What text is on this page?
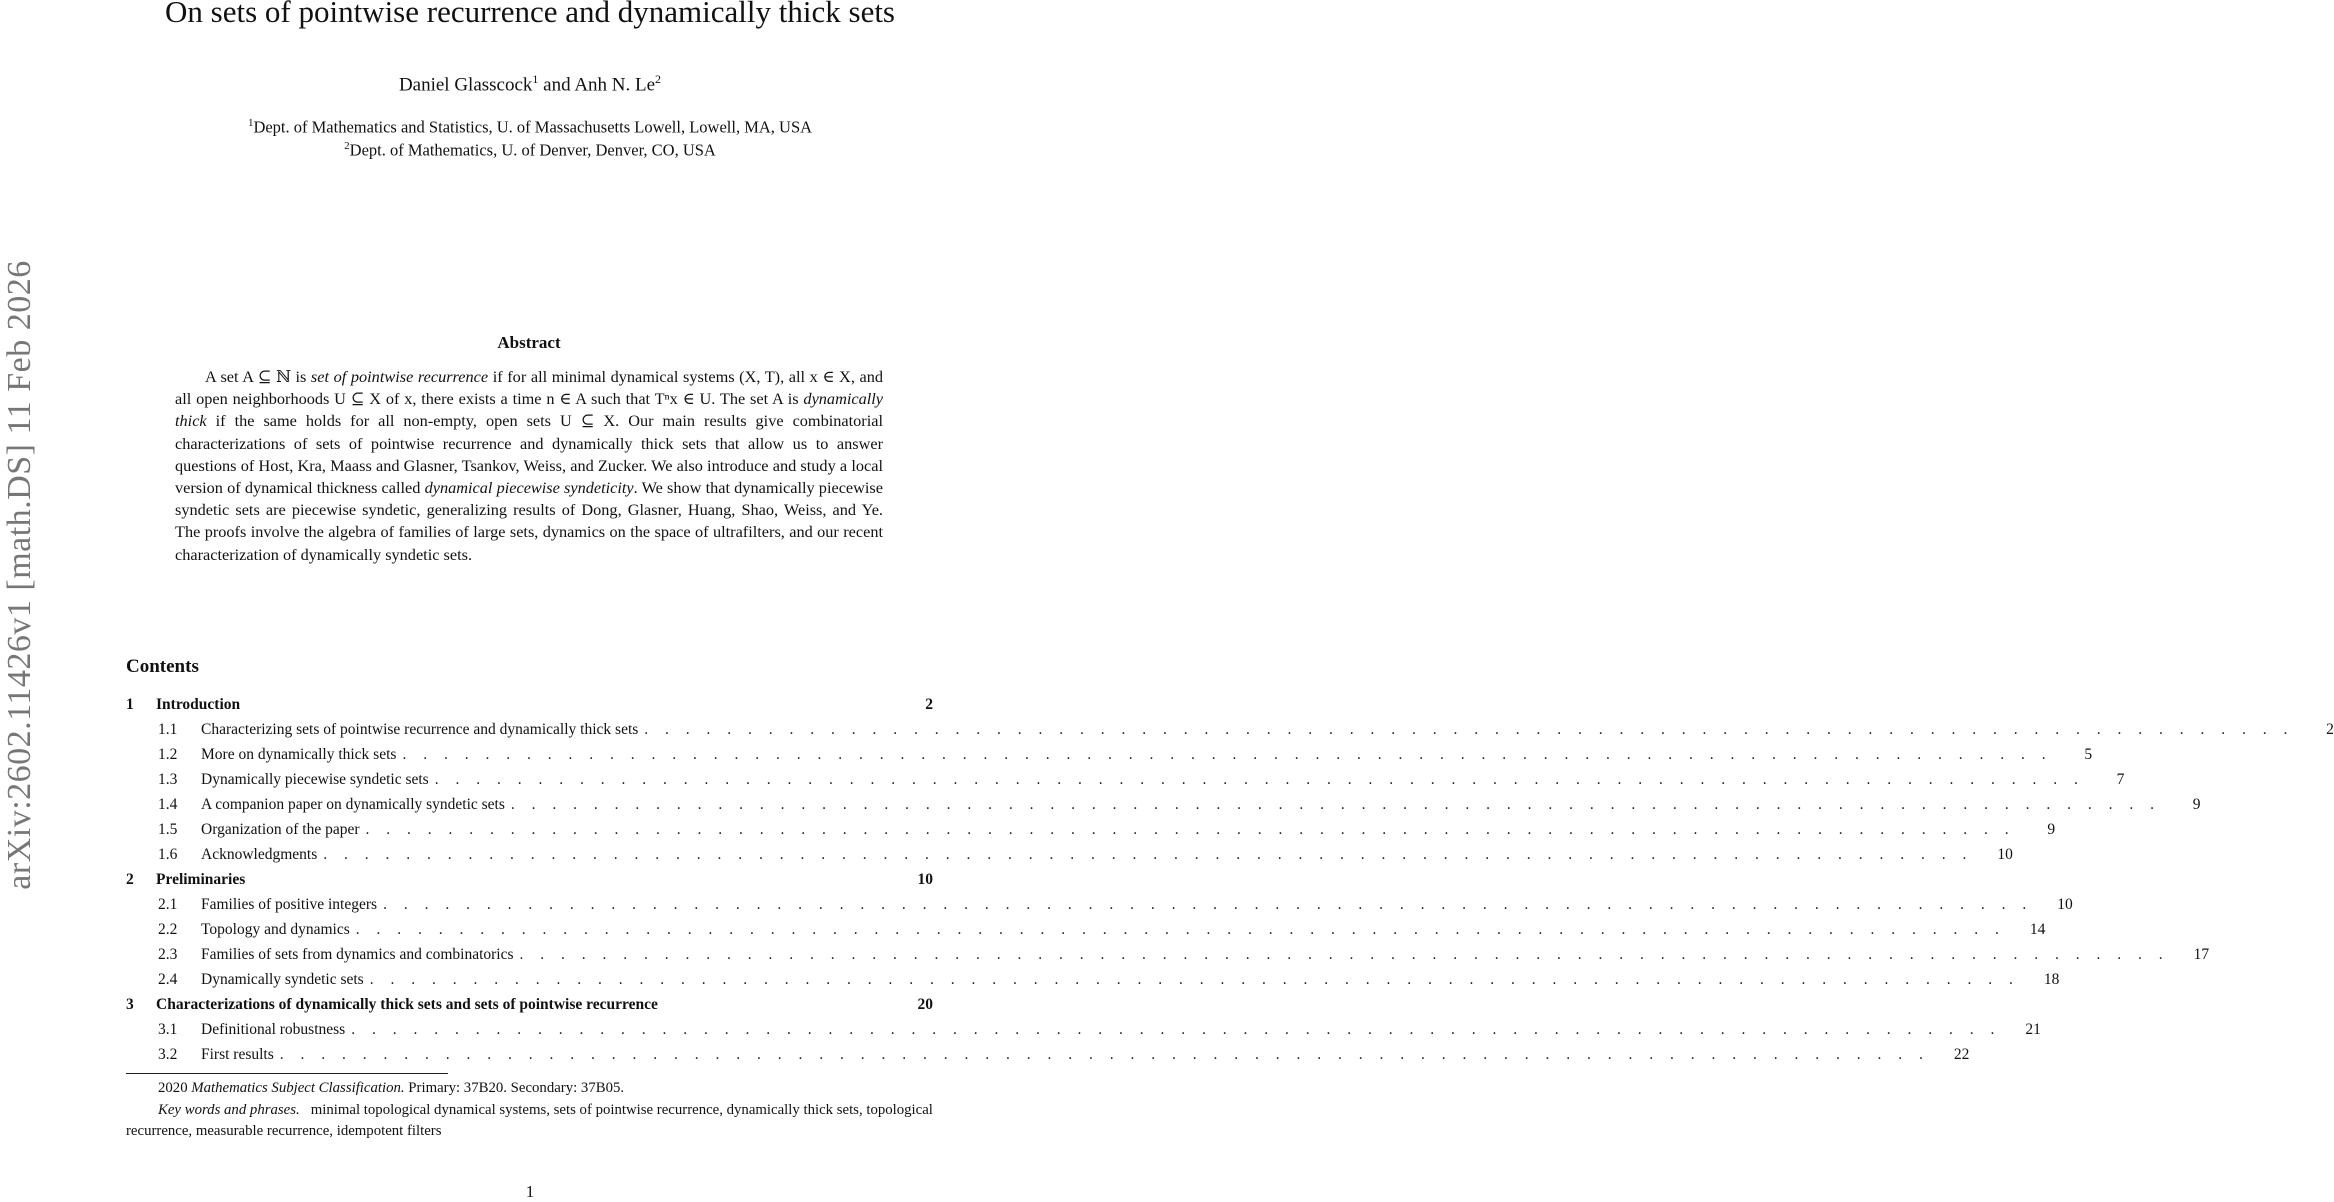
arXiv:2602.11426v1 [math.DS] 11 Feb 2026
On sets of pointwise recurrence and dynamically thick sets
Daniel Glasscock$^1$ and Anh N. Le$^2$
$^1$Dept. of Mathematics and Statistics, U. of Massachusetts Lowell, Lowell, MA, USA
$^2$Dept. of Mathematics, U. of Denver, Denver, CO, USA
Abstract
A set A ⊆ ℕ is set of pointwise recurrence if for all minimal dynamical systems (X, T), all x ∈ X, and all open neighborhoods U ⊆ X of x, there exists a time n ∈ A such that Tⁿx ∈ U. The set A is dynamically thick if the same holds for all non-empty, open sets U ⊆ X. Our main results give combinatorial characterizations of sets of pointwise recurrence and dynamically thick sets that allow us to answer questions of Host, Kra, Maass and Glasner, Tsankov, Weiss, and Zucker. We also introduce and study a local version of dynamical thickness called dynamical piecewise syndeticity. We show that dynamically piecewise syndetic sets are piecewise syndetic, generalizing results of Dong, Glasner, Huang, Shao, Weiss, and Ye. The proofs involve the algebra of families of large sets, dynamics on the space of ultrafilters, and our recent characterization of dynamically syndetic sets.
Contents
1	Introduction	2
1.1	Characterizing sets of pointwise recurrence and dynamically thick sets . . . . . . . . . . . . . . . . . . . . . . . . . . . . . . . . . . . . . . . . . . . . . . . . . . . . . . . . . . . . . . . . . . . . . . . . . . . . . . . .	2
1.2	More on dynamically thick sets . . . . . . . . . . . . . . . . . . . . . . . . . . . . . . . . . . . . . . . . . . . . . . . . . . . . . . . . . . . . . . . . . . . . . . . . . . . . . . . .	5
1.3	Dynamically piecewise syndetic sets . . . . . . . . . . . . . . . . . . . . . . . . . . . . . . . . . . . . . . . . . . . . . . . . . . . . . . . . . . . . . . . . . . . . . . . . . . . . . . . .	7
1.4	A companion paper on dynamically syndetic sets . . . . . . . . . . . . . . . . . . . . . . . . . . . . . . . . . . . . . . . . . . . . . . . . . . . . . . . . . . . . . . . . . . . . . . . . . . . . . . . .	9
1.5	Organization of the paper . . . . . . . . . . . . . . . . . . . . . . . . . . . . . . . . . . . . . . . . . . . . . . . . . . . . . . . . . . . . . . . . . . . . . . . . . . . . . . . .	9
1.6	Acknowledgments . . . . . . . . . . . . . . . . . . . . . . . . . . . . . . . . . . . . . . . . . . . . . . . . . . . . . . . . . . . . . . . . . . . . . . . . . . . . . . . .	10
2	Preliminaries	10
2.1	Families of positive integers . . . . . . . . . . . . . . . . . . . . . . . . . . . . . . . . . . . . . . . . . . . . . . . . . . . . . . . . . . . . . . . . . . . . . . . . . . . . . . . .	10
2.2	Topology and dynamics . . . . . . . . . . . . . . . . . . . . . . . . . . . . . . . . . . . . . . . . . . . . . . . . . . . . . . . . . . . . . . . . . . . . . . . . . . . . . . . .	14
2.3	Families of sets from dynamics and combinatorics . . . . . . . . . . . . . . . . . . . . . . . . . . . . . . . . . . . . . . . . . . . . . . . . . . . . . . . . . . . . . . . . . . . . . . . . . . . . . . . .	17
2.4	Dynamically syndetic sets . . . . . . . . . . . . . . . . . . . . . . . . . . . . . . . . . . . . . . . . . . . . . . . . . . . . . . . . . . . . . . . . . . . . . . . . . . . . . . . .	18
3	Characterizations of dynamically thick sets and sets of pointwise recurrence	20
3.1	Definitional robustness . . . . . . . . . . . . . . . . . . . . . . . . . . . . . . . . . . . . . . . . . . . . . . . . . . . . . . . . . . . . . . . . . . . . . . . . . . . . . . . .	21
3.2	First results . . . . . . . . . . . . . . . . . . . . . . . . . . . . . . . . . . . . . . . . . . . . . . . . . . . . . . . . . . . . . . . . . . . . . . . . . . . . . . . .	22
2020 Mathematics Subject Classification. Primary: 37B20. Secondary: 37B05.
Key words and phrases.   minimal topological dynamical systems, sets of pointwise recurrence, dynamically thick sets, topological recurrence, measurable recurrence, idempotent filters
1
